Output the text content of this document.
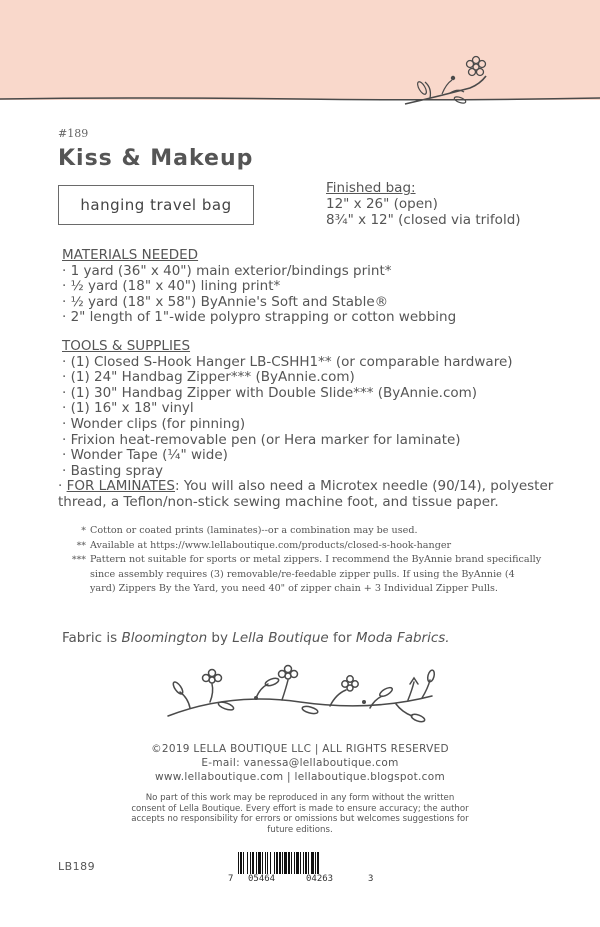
#189
Kiss & Makeup
hanging travel bag
Finished bag:
12" x 26" (open)
8¾" x 12" (closed via trifold)
MATERIALS NEEDED
· 1 yard (36" x 40") main exterior/bindings print*
· ½ yard (18" x 40") lining print*
· ½ yard (18" x 58") ByAnnie's Soft and Stable®
· 2" length of 1"-wide polypro strapping or cotton webbing
TOOLS & SUPPLIES
· (1) Closed S-Hook Hanger LB-CSHH1** (or comparable hardware)
· (1) 24" Handbag Zipper*** (ByAnnie.com)
· (1) 30" Handbag Zipper with Double Slide*** (ByAnnie.com)
· (1) 16" x 18" vinyl
· Wonder clips (for pinning)
· Frixion heat-removable pen (or Hera marker for laminate)
· Wonder Tape (¼" wide)
· Basting spray
· FOR LAMINATES: You will also need a Microtex needle (90/14), polyester thread, a Teflon/non-stick sewing machine foot, and tissue paper.
* Cotton or coated prints (laminates)--or a combination may be used.
** Available at https://www.lellaboutique.com/products/closed-s-hook-hanger
*** Pattern not suitable for sports or metal zippers. I recommend the ByAnnie brand specifically since assembly requires (3) removable/re-feedable zipper pulls. If using the ByAnnie (4 yard) Zippers By the Yard, you need 40" of zipper chain + 3 Individual Zipper Pulls.
Fabric is Bloomington by Lella Boutique for Moda Fabrics.
©2019 LELLA BOUTIQUE LLC | ALL RIGHTS RESERVED
E-mail: vanessa@lellaboutique.com
www.lellaboutique.com | lellaboutique.blogspot.com
No part of this work may be reproduced in any form without the written consent of Lella Boutique. Every effort is made to ensure accuracy; the author accepts no responsibility for errors or omissions but welcomes suggestions for future editions.
LB189
7 05464	04263	3
